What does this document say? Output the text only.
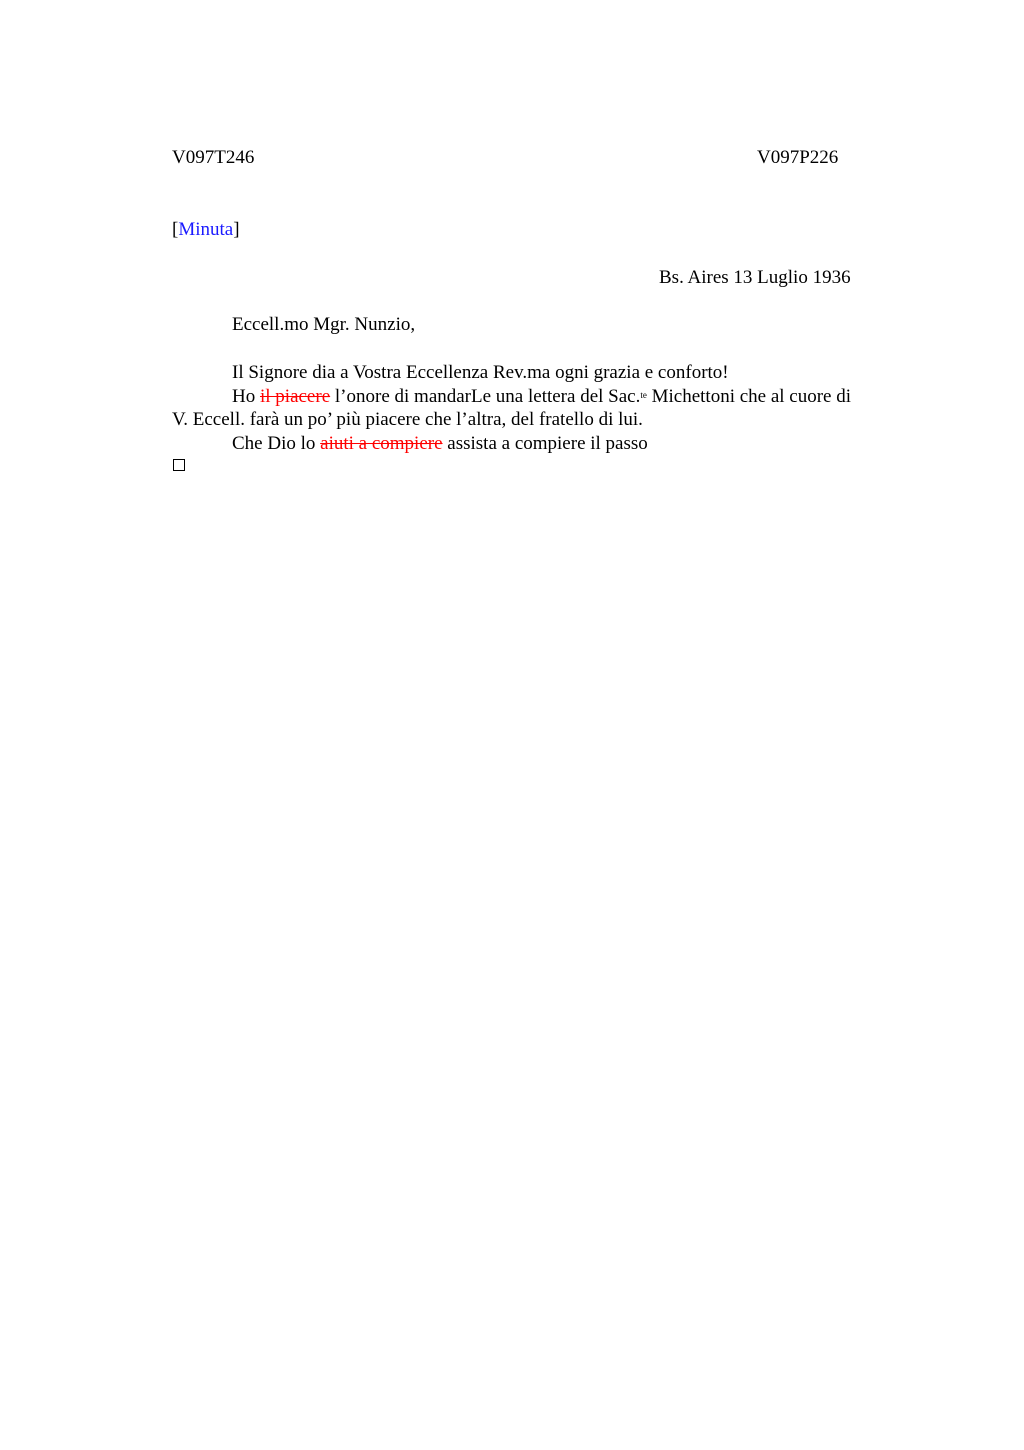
V097T246	V097P226
[Minuta]
Bs. Aires 13 Luglio 1936
Eccell.mo Mgr. Nunzio,
Il Signore dia a Vostra Eccellenza Rev.ma ogni grazia e conforto!
Ho il piacere l’onore di mandarLe una lettera del Sac.$^{te}$ Michettoni che al cuore di
V. Eccell. farà un po’ più piacere che l’altra, del fratello di lui.
Che Dio lo aiuti a compiere assista a compiere il passo
